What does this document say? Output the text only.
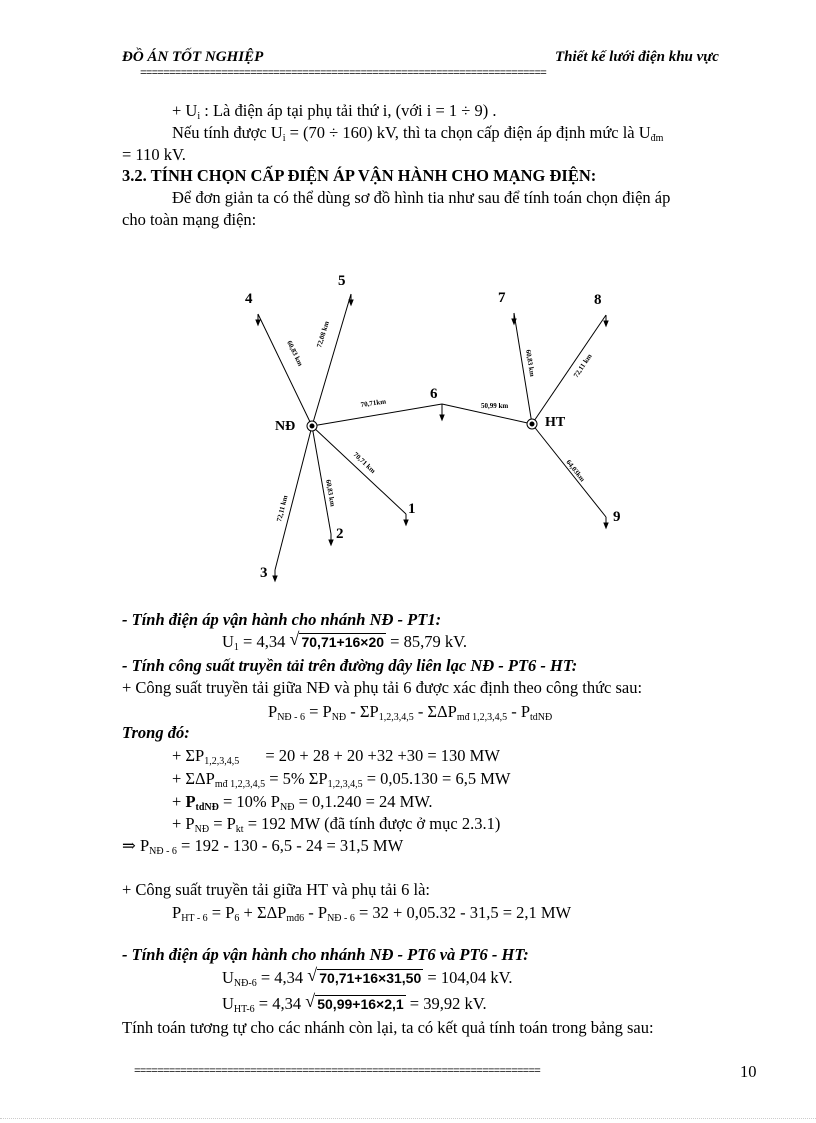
ĐỒ ÁN TỐT NGHIỆP	Thiết kế lưới điện khu vực
======================================================================
+ $U_i$ : Là điện áp tại phụ tải thứ i, (với i = 1 ÷ 9) .
Nếu tính được $U_i = (70 \div 160)$ kV, thì ta chọn cấp điện áp định mức là $U_{đm}$
= 110 kV.
3.2. TÍNH CHỌN CẤP ĐIỆN ÁP VẬN HÀNH CHO MẠNG ĐIỆN:
Để đơn giản ta có thể dùng sơ đồ hình tia như sau để tính toán chọn điện áp
cho toàn mạng điện:
NĐ	HT
1
2
3
4
5
6
7	8
9
60,83 km
72,08 km
70,71km	50,99 km
70,71 km
60,83 km
72,11 km
60,83 km	72,11 km
64,03km
- Tính điện áp vận hành cho nhánh NĐ - PT1:
$U_1 = 4,34$ √ 70,71+16×20 = 85,79 kV.
- Tính công suất truyền tải trên đường dây liên lạc NĐ - PT6 - HT:
+ Công suất truyền tải giữa NĐ và phụ tải 6 được xác định theo công thức sau:
$P_{NĐ - 6} = P_{NĐ} - \Sigma P_{1,2,3,4,5} - \Sigma\Delta P_{mđ 1,2,3,4,5} - P_{tdNĐ}$
Trong đó:
+ $\Sigma P_{1,2,3,4,5} = 20 + 28 + 20 +32 +30 = 130$ MW
+ $\Sigma\Delta P_{mđ 1,2,3,4,5} = 5\%$ $\Sigma P_{1,2,3,4,5} = 0,05.130 = 6,5$ MW
+ $P_{tdNĐ} = 10\%$ $P_{NĐ} = 0,1.240 = 24$ MW.
+ $P_{NĐ} = P_{kt} = 192$ MW (đã tính được ở mục 2.3.1)
⇒ $P_{NĐ - 6} = 192 - 130 - 6,5 - 24 = 31,5$ MW
+ Công suất truyền tải giữa HT và phụ tải 6 là:
$P_{HT - 6} = P_6 + \Sigma\Delta P_{mđ6} - P_{NĐ - 6} = 32 + 0,05.32 - 31,5 = 2,1$ MW
- Tính điện áp vận hành cho nhánh NĐ - PT6 và PT6 - HT:
$U_{NĐ-6} = 4,34$ √ 70,71+16×31,50 = 104,04 kV.
$U_{HT-6} = 4,34$ √ 50,99+16×2,1 = 39,92 kV.
Tính toán tương tự cho các nhánh còn lại, ta có kết quả tính toán trong bảng sau:
======================================================================	10
